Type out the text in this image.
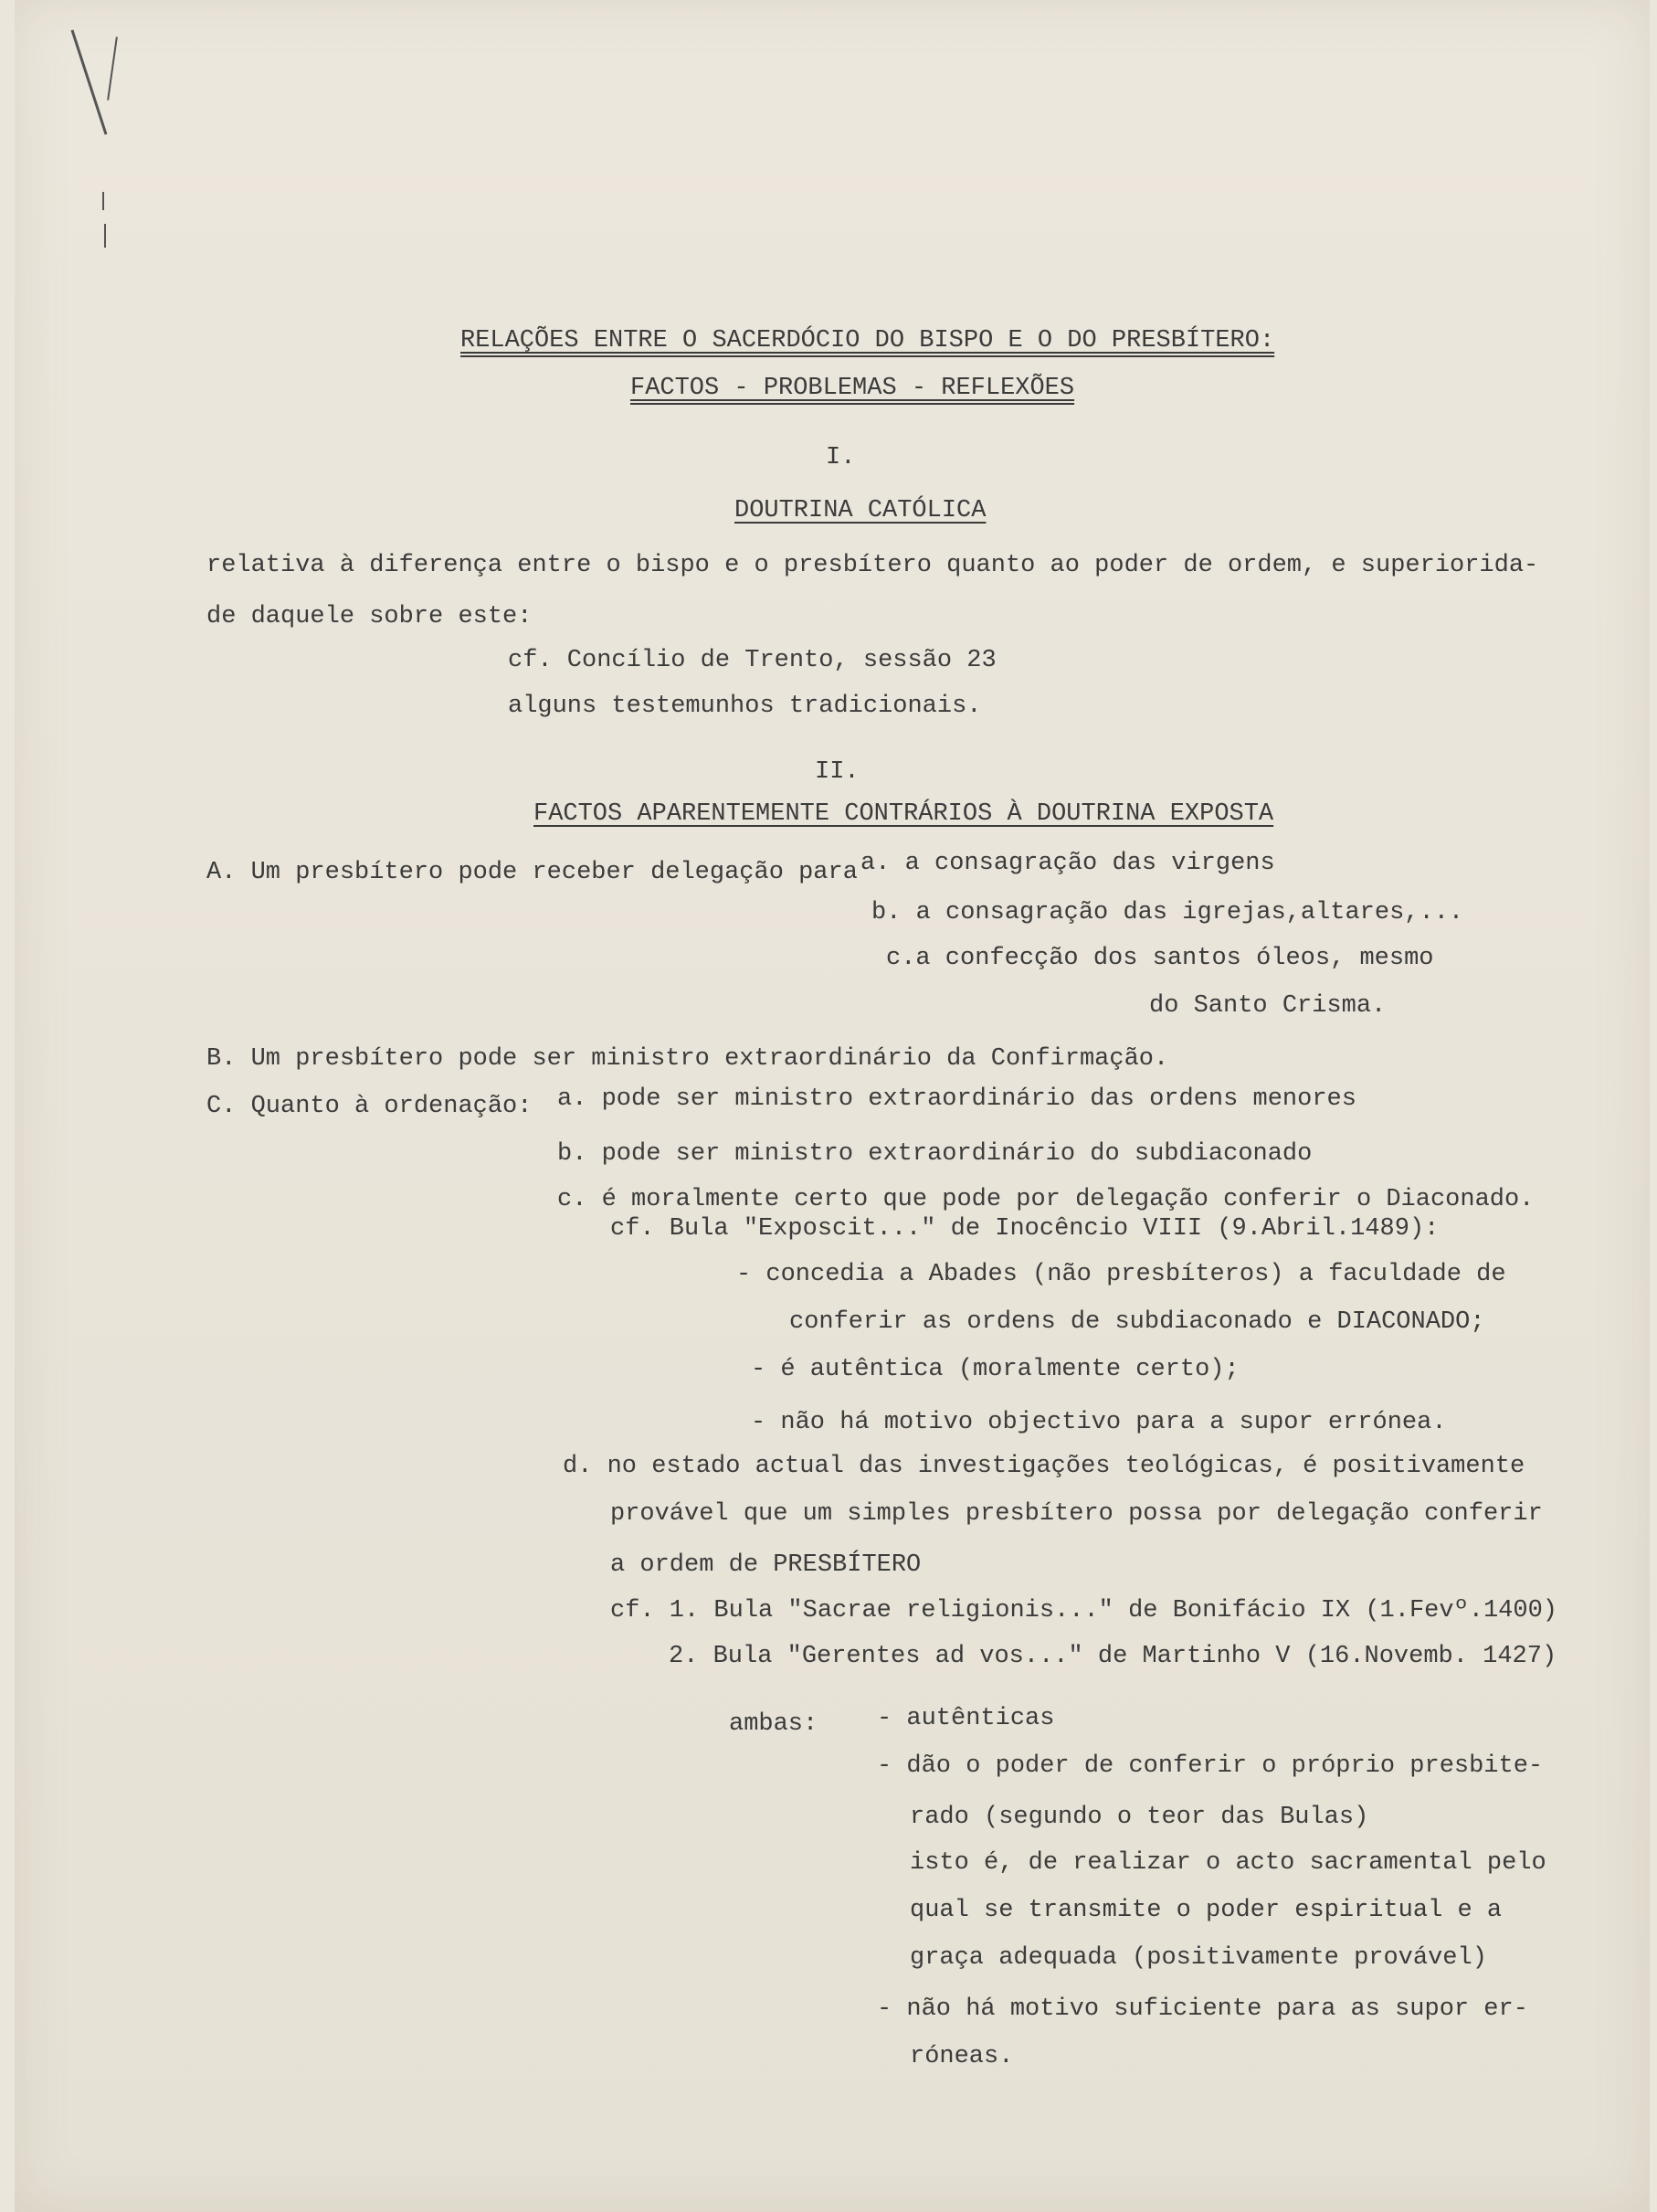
RELAÇÕES ENTRE O SACERDÓCIO DO BISPO E O DO PRESBÍTERO:
FACTOS - PROBLEMAS - REFLEXÕES
I.
DOUTRINA CATÓLICA
relativa à diferença entre o bispo e o presbítero quanto ao poder de ordem, e superiorida-
de daquele sobre este:
cf. Concílio de Trento, sessão 23
alguns testemunhos tradicionais.
II.
FACTOS APARENTEMENTE CONTRÁRIOS À DOUTRINA EXPOSTA
A. Um presbítero pode receber delegação para a. a consagração das virgens
b. a consagração das igrejas,altares,...
c.a confecção dos santos óleos, mesmo
do Santo Crisma.
B. Um presbítero pode ser ministro extraordinário da Confirmação.
C. Quanto à ordenação: a. pode ser ministro extraordinário das ordens menores
b. pode ser ministro extraordinário do subdiaconado
c. é moralmente certo que pode por delegação conferir o Diaconado.
cf. Bula "Exposcit..." de Inocêncio VIII (9.Abril.1489):
- concedia a Abades (não presbíteros) a faculdade de
conferir as ordens de subdiaconado e DIACONADO;
- é autêntica (moralmente certo);
- não há motivo objectivo para a supor errónea.
d. no estado actual das investigações teológicas, é positivamente
provável que um simples presbítero possa por delegação conferir
a ordem de PRESBÍTERO
cf. 1. Bula "Sacrae religionis..." de Bonifácio IX (1.Fevº.1400)
2. Bula "Gerentes ad vos..." de Martinho V (16.Novemb. 1427)
ambas: - autênticas
- dão o poder de conferir o próprio presbite-
rado (segundo o teor das Bulas)
isto é, de realizar o acto sacramental pelo
qual se transmite o poder espiritual e a
graça adequada (positivamente provável)
- não há motivo suficiente para as supor er-
róneas.
